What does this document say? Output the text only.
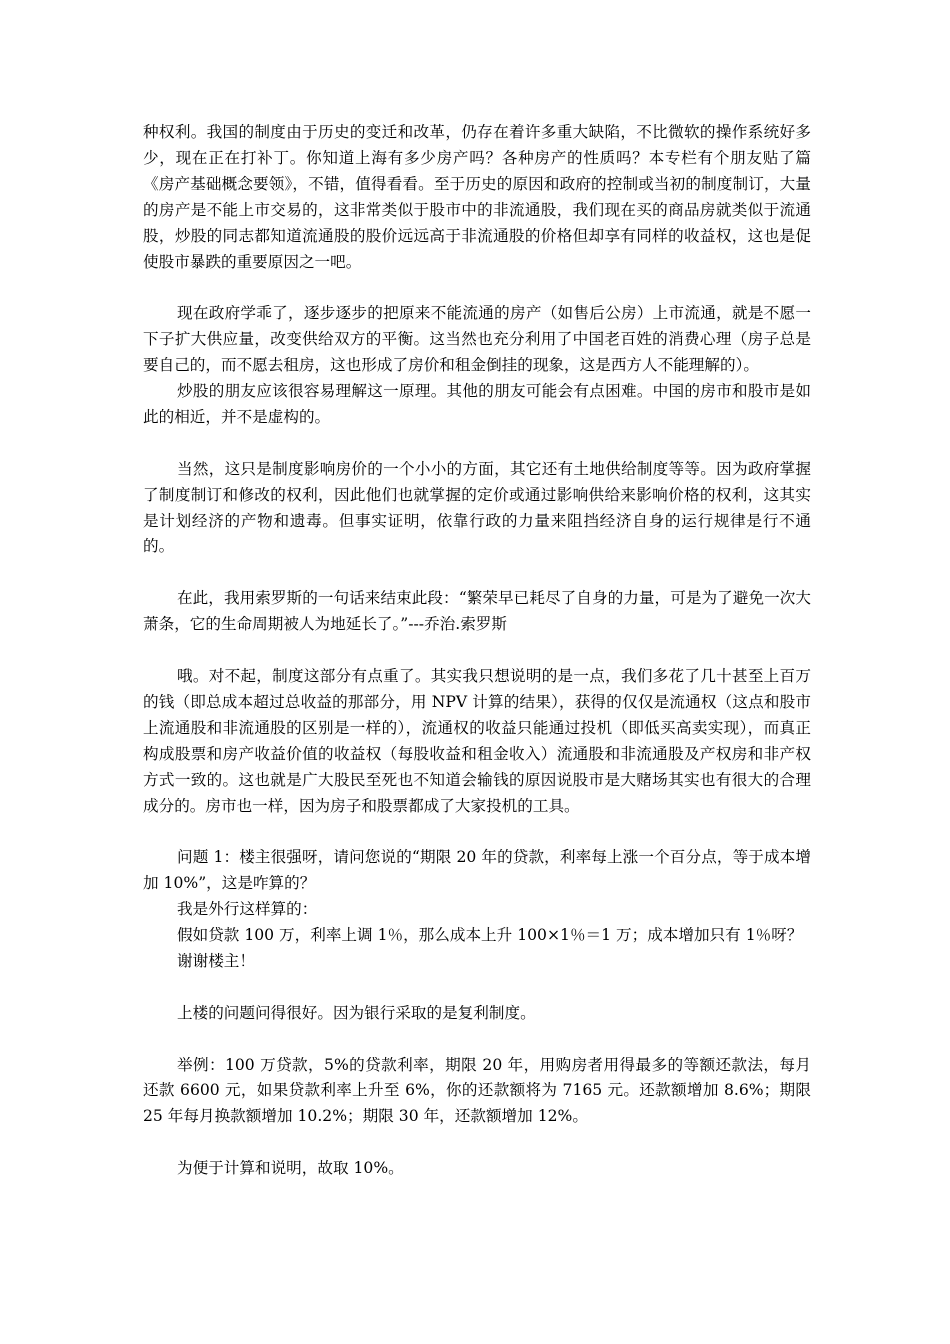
种权利。我国的制度由于历史的变迁和改革，仍存在着许多重大缺陷，不比微软的操作系统好多少，现在正在打补丁。你知道上海有多少房产吗？各种房产的性质吗？本专栏有个朋友贴了篇《房产基础概念要领》，不错，值得看看。至于历史的原因和政府的控制或当初的制度制订，大量的房产是不能上市交易的，这非常类似于股市中的非流通股，我们现在买的商品房就类似于流通股，炒股的同志都知道流通股的股价远远高于非流通股的价格但却享有同样的收益权，这也是促使股市暴跌的重要原因之一吧。

现在政府学乖了，逐步逐步的把原来不能流通的房产（如售后公房）上市流通，就是不愿一下子扩大供应量，改变供给双方的平衡。这当然也充分利用了中国老百姓的消费心理（房子总是要自己的，而不愿去租房，这也形成了房价和租金倒挂的现象，这是西方人不能理解的）。

炒股的朋友应该很容易理解这一原理。其他的朋友可能会有点困难。中国的房市和股市是如此的相近，并不是虚构的。

当然，这只是制度影响房价的一个小小的方面，其它还有土地供给制度等等。因为政府掌握了制度制订和修改的权利，因此他们也就掌握的定价或通过影响供给来影响价格的权利，这其实是计划经济的产物和遗毒。但事实证明，依靠行政的力量来阻挡经济自身的运行规律是行不通的。

在此，我用索罗斯的一句话来结束此段：“繁荣早已耗尽了自身的力量，可是为了避免一次大萧条，它的生命周期被人为地延长了。”---乔治.索罗斯

哦。对不起，制度这部分有点重了。其实我只想说明的是一点，我们多花了几十甚至上百万的钱（即总成本超过总收益的那部分，用 NPV 计算的结果），获得的仅仅是流通权（这点和股市上流通股和非流通股的区别是一样的），流通权的收益只能通过投机（即低买高卖实现），而真正构成股票和房产收益价值的收益权（每股收益和租金收入）流通股和非流通股及产权房和非产权方式一致的。这也就是广大股民至死也不知道会输钱的原因说股市是大赌场其实也有很大的合理成分的。房市也一样，因为房子和股票都成了大家投机的工具。

问题 1：楼主很强呀，请问您说的“期限 20 年的贷款，利率每上涨一个百分点，等于成本增加 10%”，这是咋算的？

我是外行这样算的：

假如贷款 100 万，利率上调 1％，那么成本上升 100×1％＝1 万；成本增加只有 1％呀？

谢谢楼主！

上楼的问题问得很好。因为银行采取的是复利制度。

举例：100 万贷款，5%的贷款利率，期限 20 年，用购房者用得最多的等额还款法，每月还款 6600 元，如果贷款利率上升至 6%，你的还款额将为 7165 元。还款额增加 8.6%；期限 25 年每月换款额增加 10.2%；期限 30 年，还款额增加 12%。

为便于计算和说明，故取 10%。
